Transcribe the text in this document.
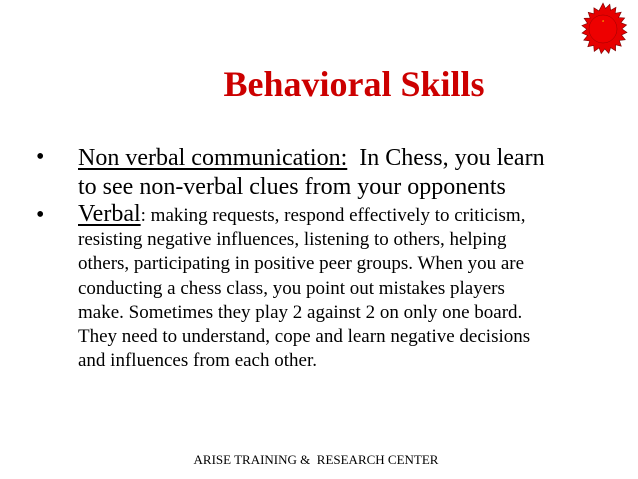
ᵃ
Behavioral Skills
• Non verbal communication:  In Chess, you learn
to see non-verbal clues from your opponents
• Verbal: making requests, respond effectively to criticism,
resisting negative influences, listening to others, helping
others, participating in positive peer groups. When you are
conducting a chess class, you point out mistakes players
make. Sometimes they play 2 against 2 on only one board.
They need to understand, cope and learn negative decisions
and influences from each other.
ARISE TRAINING &  RESEARCH CENTER
